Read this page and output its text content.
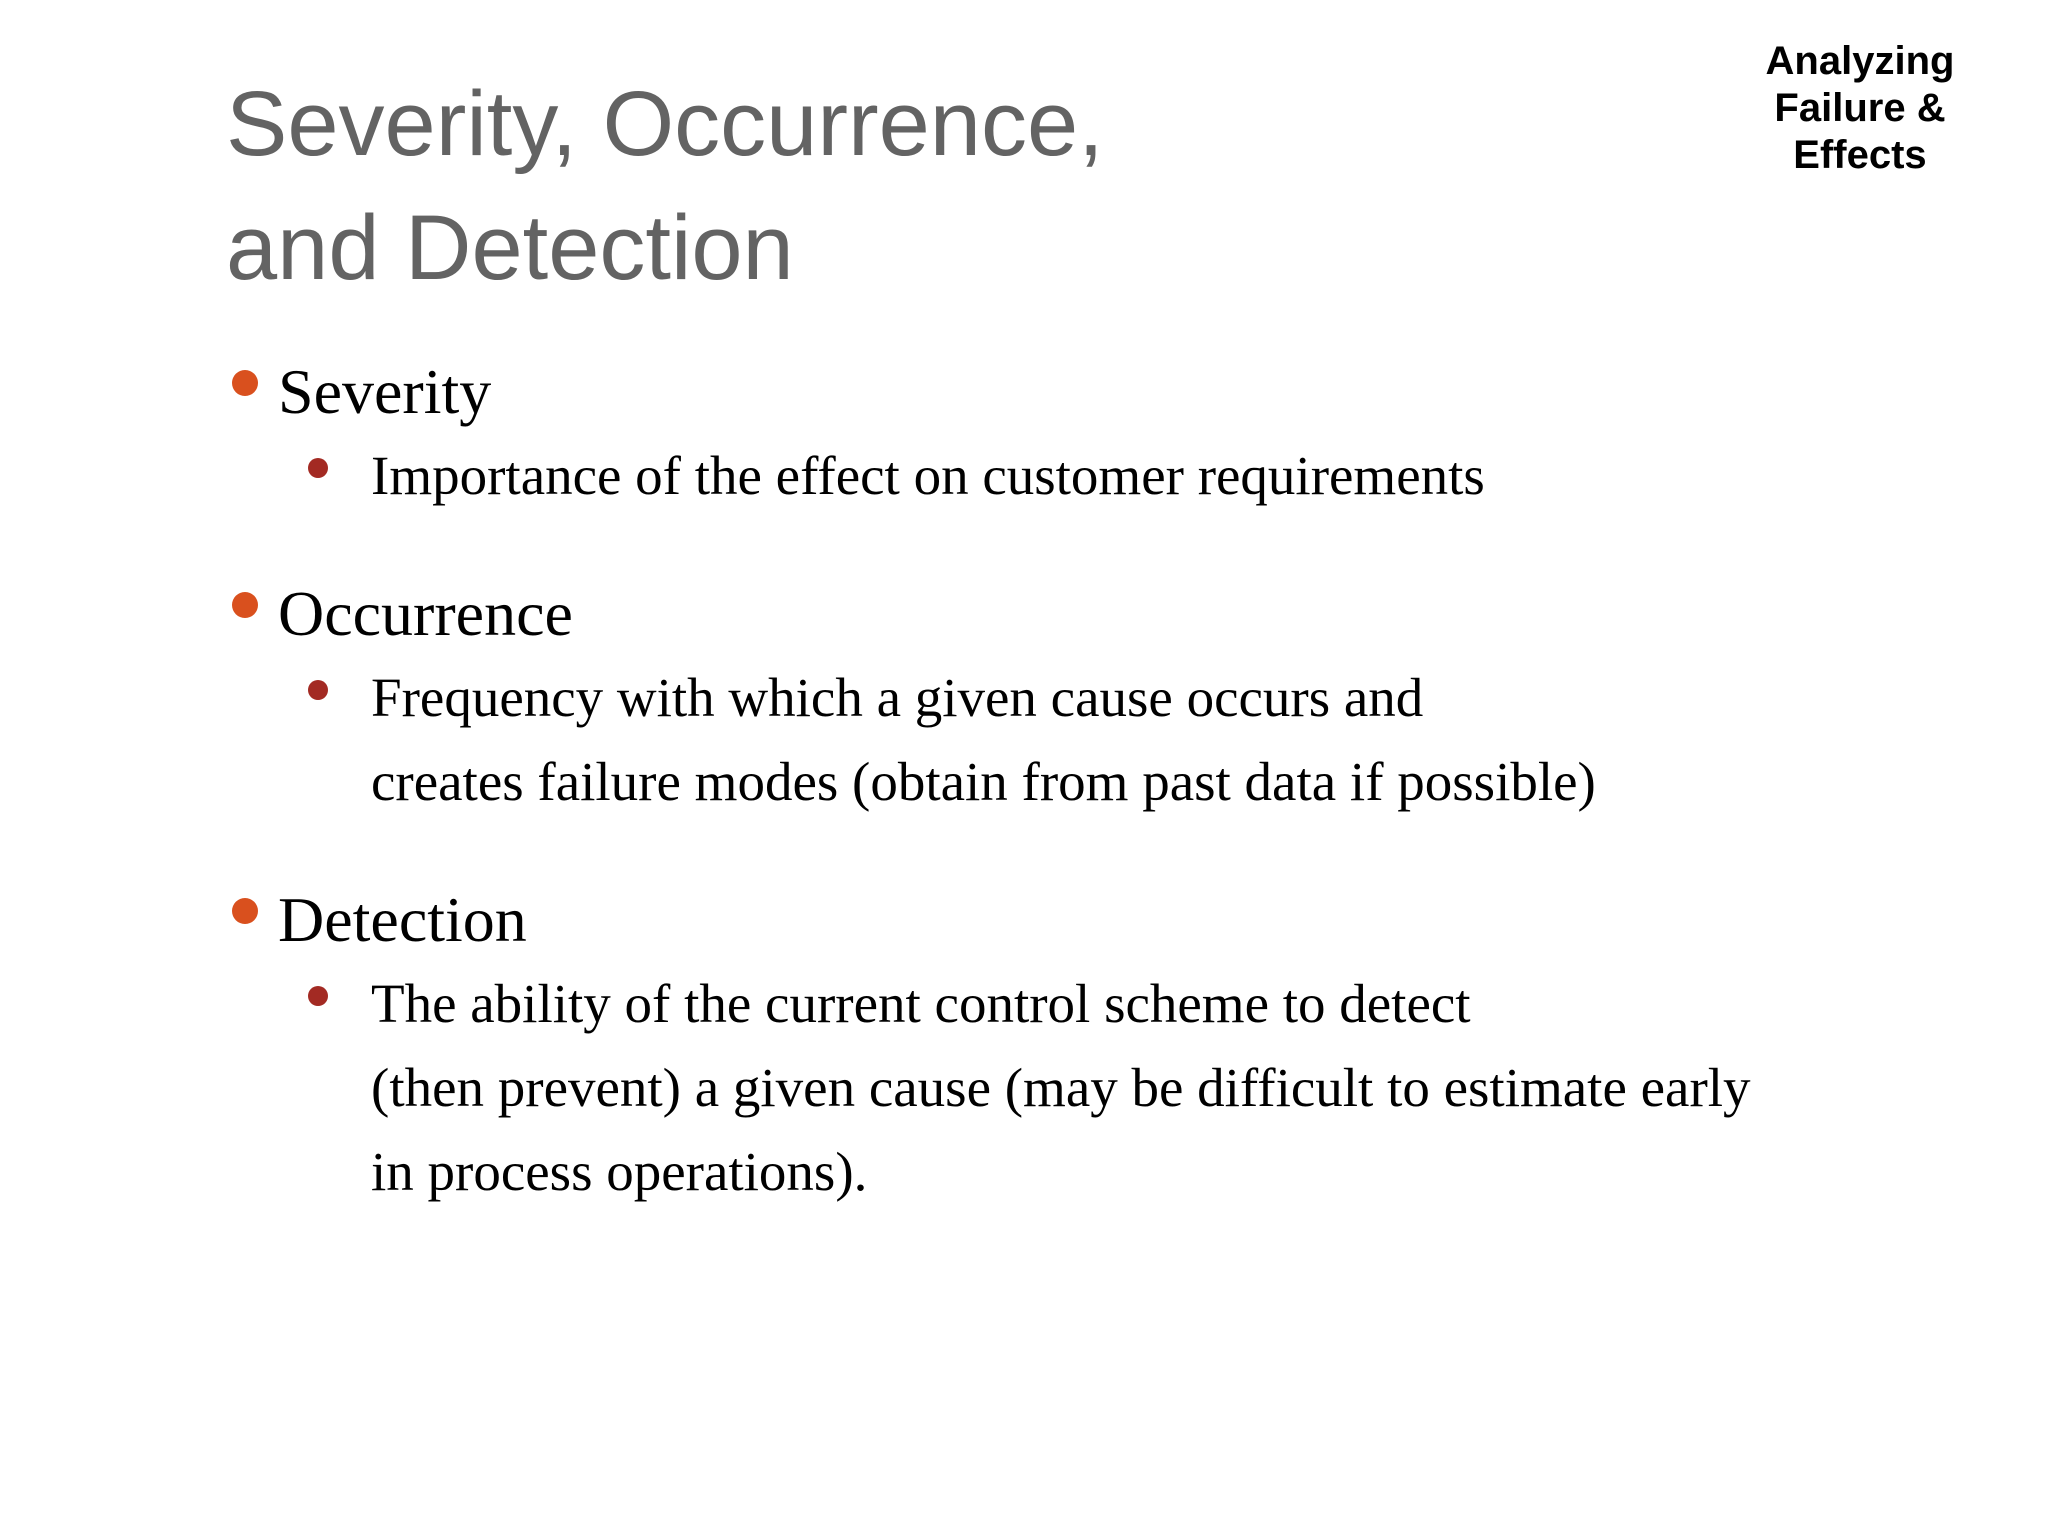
Analyzing
Failure &
Effects
Severity, Occurrence,
and Detection

Severity

Importance of the effect on customer requirements

Occurrence

Frequency with which a given cause occurs and
creates failure modes (obtain from past data if possible)

Detection

The ability of the current control scheme to detect
(then prevent) a given cause (may be difficult to estimate early
in process operations).
